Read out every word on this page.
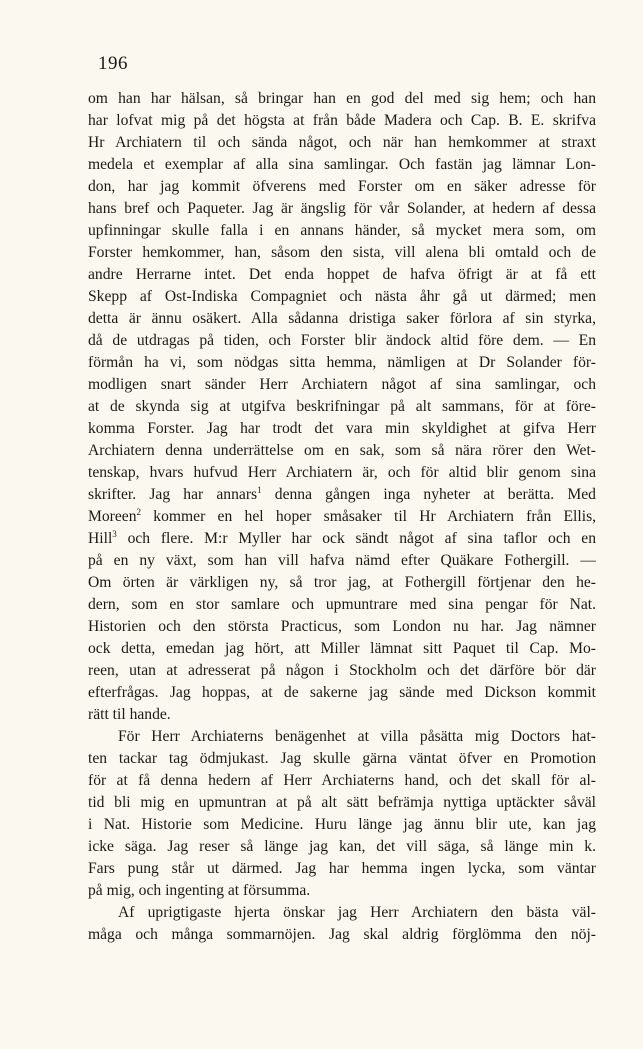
196
om han har hälsan, så bringar han en god del med sig hem; och han
har lofvat mig på det högsta at från både Madera och Cap. B. E. skrifva
Hr Archiatern til och sända något, och när han hemkommer at straxt
medela et exemplar af alla sina samlingar. Och fastän jag lämnar Lon-
don, har jag kommit öfverens med Forster om en säker adresse för
hans bref och Paqueter. Jag är ängslig för vår Solander, at hedern af dessa
upfinningar skulle falla i en annans händer, så mycket mera som, om
Forster hemkommer, han, såsom den sista, vill alena bli omtald och de
andre Herrarne intet. Det enda hoppet de hafva öfrigt är at få ett
Skepp af Ost-Indiska Compagniet och nästa åhr gå ut därmed; men
detta är ännu osäkert. Alla sådanna dristiga saker förlora af sin styrka,
då de utdragas på tiden, och Forster blir ändock altid före dem. — En
förmån ha vi, som nödgas sitta hemma, nämligen at Dr Solander för-
modligen snart sänder Herr Archiatern något af sina samlingar, och
at de skynda sig at utgifva beskrifningar på alt sammans, för at före-
komma Forster. Jag har trodt det vara min skyldighet at gifva Herr
Archiatern denna underrättelse om en sak, som så nära rörer den Wet-
tenskap, hvars hufvud Herr Archiatern är, och för altid blir genom sina
skrifter. Jag har annars$^1$ denna gången inga nyheter at berätta. Med
Moreen$^2$ kommer en hel hoper småsaker til Hr Archiatern från Ellis,
Hill$^3$ och flere. M:r Myller har ock sändt något af sina taflor och en
på en ny växt, som han vill hafva nämd efter Quäkare Fothergill. —
Om örten är värkligen ny, så tror jag, at Fothergill förtjenar den he-
dern, som en stor samlare och upmuntrare med sina pengar för Nat.
Historien och den största Practicus, som London nu har. Jag nämner
ock detta, emedan jag hört, att Miller lämnat sitt Paquet til Cap. Mo-
reen, utan at adresserat på någon i Stockholm och det därföre bör där
efterfrågas. Jag hoppas, at de sakerne jag sände med Dickson kommit
rätt til hande.
För Herr Archiaterns benägenhet at villa påsätta mig Doctors hat-
ten tackar tag ödmjukast. Jag skulle gärna väntat öfver en Promotion
för at få denna hedern af Herr Archiaterns hand, och det skall för al-
tid bli mig en upmuntran at på alt sätt befrämja nyttiga uptäckter såväl
i Nat. Historie som Medicine. Huru länge jag ännu blir ute, kan jag
icke säga. Jag reser så länge jag kan, det vill säga, så länge min k.
Fars pung står ut därmed. Jag har hemma ingen lycka, som väntar
på mig, och ingenting at försumma.
Af uprigtigaste hjerta önskar jag Herr Archiatern den bästa väl-
måga och många sommarnöjen. Jag skal aldrig förglömma den nöj-
